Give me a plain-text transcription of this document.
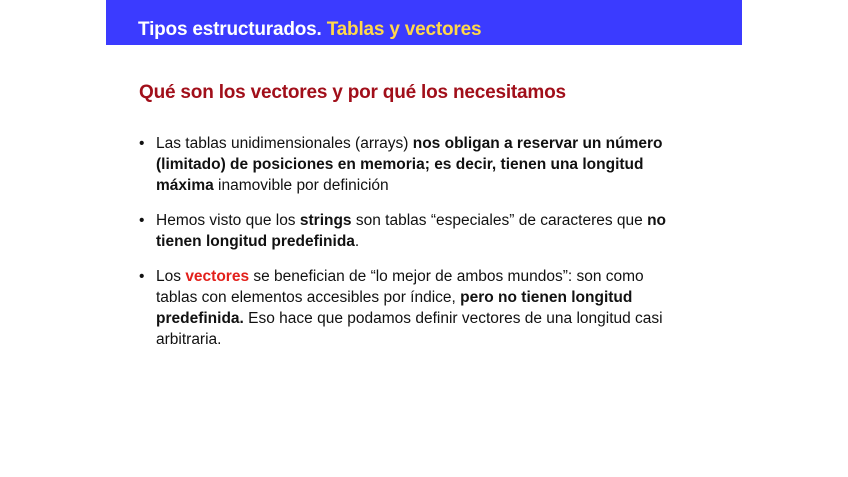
Tipos estructurados. Tablas y vectores
Qué son los vectores y por qué los necesitamos
• Las tablas unidimensionales (arrays) nos obligan a reservar un número (limitado) de posiciones en memoria; es decir, tienen una longitud máxima inamovible por definición
• Hemos visto que los strings son tablas “especiales” de caracteres que no tienen longitud predefinida.
• Los vectores se benefician de “lo mejor de ambos mundos”: son como tablas con elementos accesibles por índice, pero no tienen longitud predefinida. Eso hace que podamos definir vectores de una longitud casi arbitraria.
